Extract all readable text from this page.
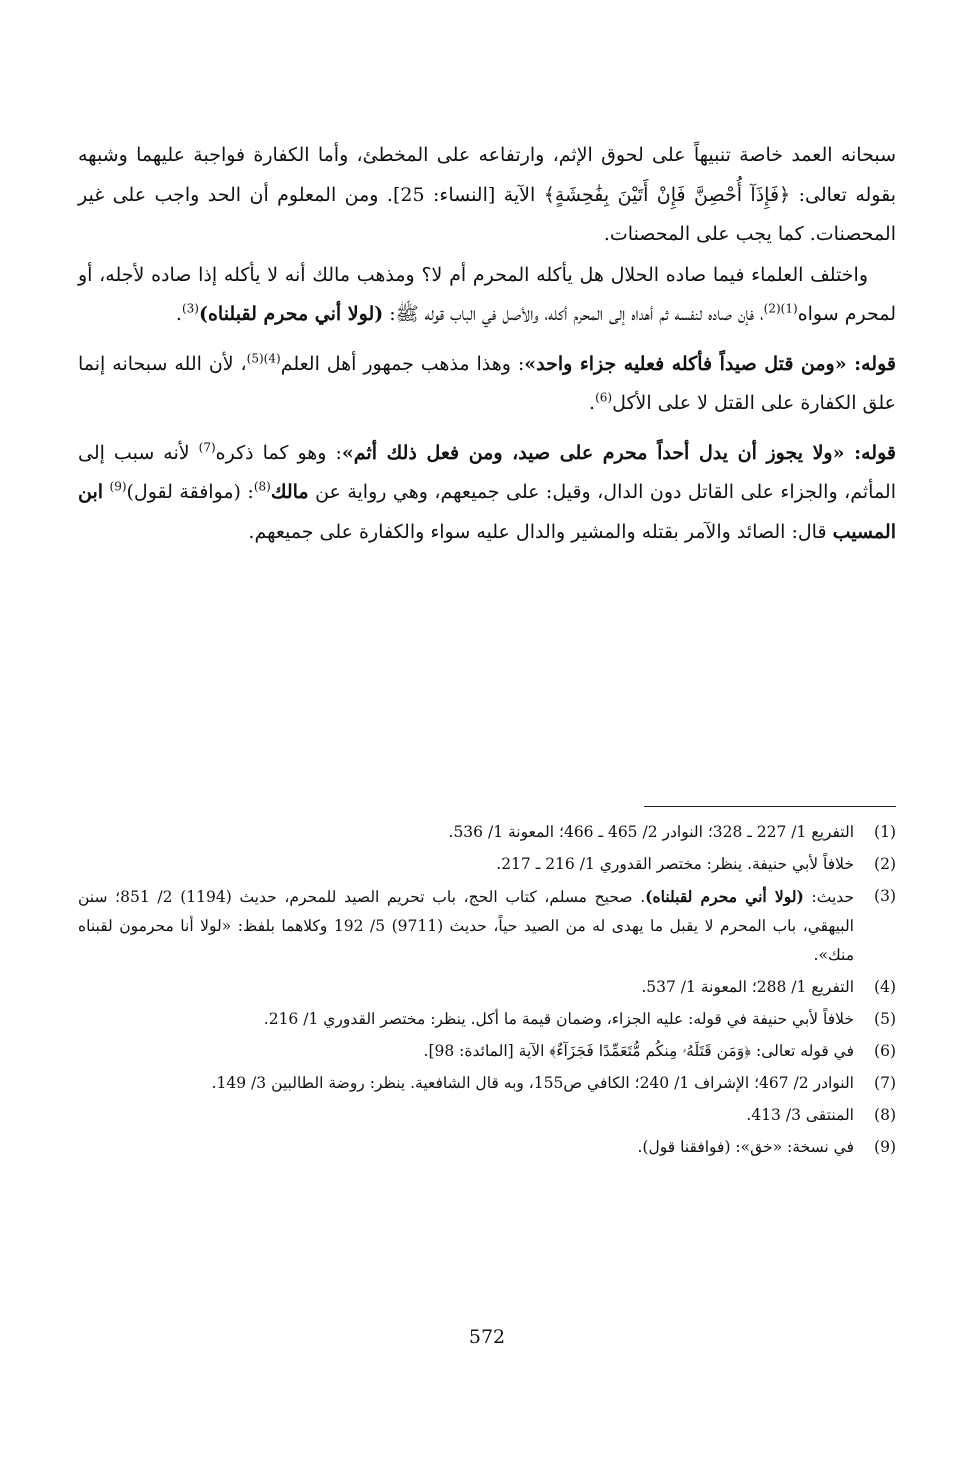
سبحانه العمد خاصة تنبيهاً على لحوق الإثم، وارتفاعه على المخطئ، وأما الكفارة فواجبة عليهما وشبهه بقوله تعالى: ﴿فَإِذَآ أُحْصِنَّ فَإِنْ أَتَيْنَ بِفَٰحِشَةٍ﴾ الآية [النساء: 25]. ومن المعلوم أن الحد واجب على غير المحصنات. كما يجب على المحصنات.

واختلف العلماء فيما صاده الحلال هل يأكله المحرم أم لا؟ ومذهب مالك أنه لا يأكله إذا صاده لأجله، أو لمحرم سواه$^{(1)(2)}$، فإن صاده لنفسه ثم أهداه إلى المحرم أكله، والأصل في الباب قوله ﷺ: (لولا أني محرم لقبلناه)$^{(3)}$.

قوله: «ومن قتل صيداً فأكله فعليه جزاء واحد»: وهذا مذهب جمهور أهل العلم$^{(4)(5)}$، لأن الله سبحانه إنما علق الكفارة على القتل لا على الأكل$^{(6)}$.

قوله: «ولا يجوز أن يدل أحداً محرم على صيد، ومن فعل ذلك أثم»: وهو كما ذكره$^{(7)}$ لأنه سبب إلى المأثم، والجزاء على القاتل دون الدال، وقيل: على جميعهم، وهي رواية عن مالك$^{(8)}$: (موافقة لقول)$^{(9)}$ ابن المسيب قال: الصائد والآمر بقتله والمشير والدال عليه سواء والكفارة على جميعهم.

(1)
التفريع 1/ 227 ـ 328؛ النوادر 2/ 465 ـ 466؛ المعونة 1/ 536.
(2)
خلافاً لأبي حنيفة. ينظر: مختصر القدوري 1/ 216 ـ 217.
(3)
حديث: (لولا أني محرم لقبلناه). صحيح مسلم، كتاب الحج، باب تحريم الصيد للمحرم، حديث (1194) 2/ 851؛ سنن البيهقي، باب المحرم لا يقبل ما يهدى له من الصيد حياً، حديث (9711) 5/ 192 وكلاهما بلفظ: «لولا أنا محرمون لقبناه منك».
(4)
التفريع 1/ 288؛ المعونة 1/ 537.
(5)
خلافاً لأبي حنيفة في قوله: عليه الجزاء، وضمان قيمة ما أكل. ينظر: مختصر القدوري 1/ 216.
(6)
في قوله تعالى: ﴿وَمَن قَتَلَهُۥ مِنكُم مُّتَعَمِّدًا فَجَزَآءٌ﴾ الآية [المائدة: 98].
(7)
النوادر 2/ 467؛ الإشراف 1/ 240؛ الكافي ص155، وبه قال الشافعية. ينظر: روضة الطالبين 3/ 149.
(8)
المنتقى 3/ 413.
(9)
في نسخة: «خق»: (فوافقنا قول).
572
